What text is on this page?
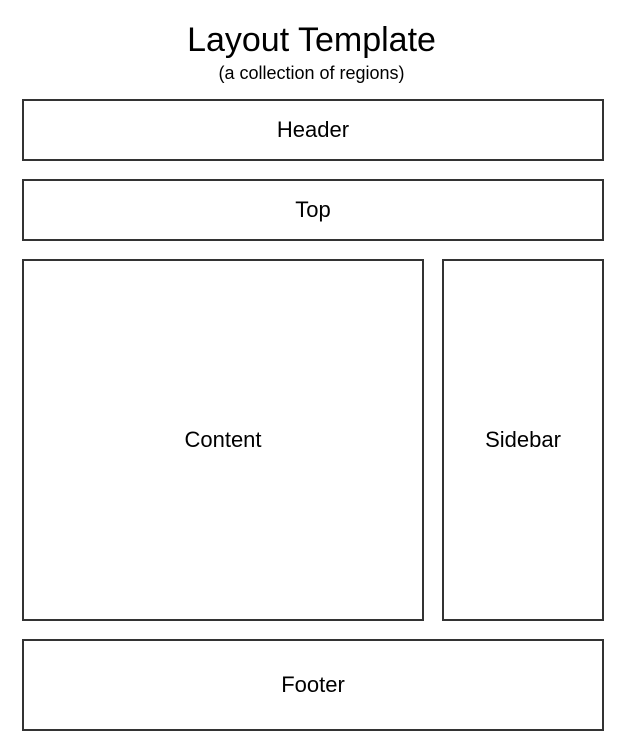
Layout Template
(a collection of regions)
Header
Top
Content	Sidebar
Footer
